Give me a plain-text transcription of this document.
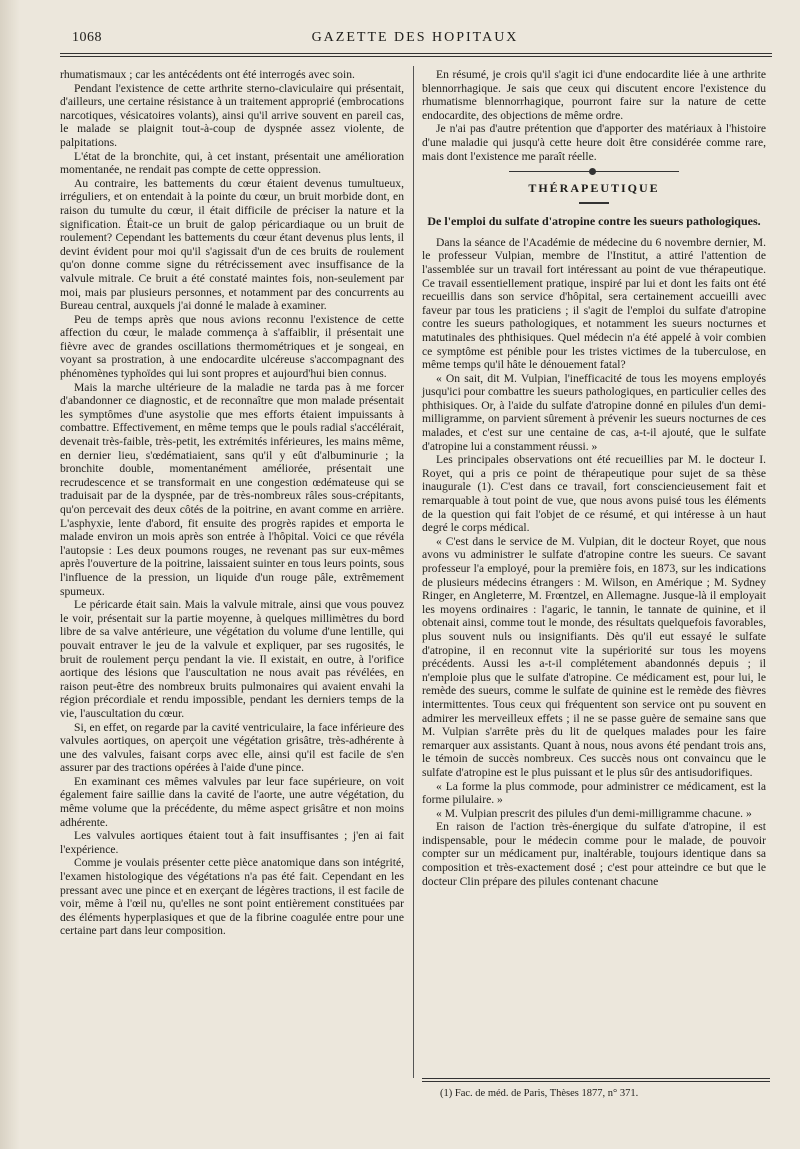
1068	GAZETTE DES HOPITAUX

rhumatismaux ; car les antécédents ont été interrogés avec soin.

Pendant l'existence de cette arthrite sterno-claviculaire qui présentait, d'ailleurs, une certaine résistance à un traitement approprié (embrocations narcotiques, vésicatoires volants), ainsi qu'il arrive souvent en pareil cas, le malade se plaignit tout-à-coup de dyspnée assez violente, de palpitations.

L'état de la bronchite, qui, à cet instant, présentait une amélioration momentanée, ne rendait pas compte de cette oppression.

Au contraire, les battements du cœur étaient devenus tumultueux, irréguliers, et on entendait à la pointe du cœur, un bruit morbide dont, en raison du tumulte du cœur, il était difficile de préciser la nature et la signification. Était-ce un bruit de galop péricardiaque ou un bruit de roulement? Cependant les battements du cœur étant devenus plus lents, il devint évident pour moi qu'il s'agissait d'un de ces bruits de roulement qu'on donne comme signe du rétrécissement avec insuffisance de la valvule mitrale. Ce bruit a été constaté maintes fois, non-seulement par moi, mais par plusieurs personnes, et notamment par des concurrents au Bureau central, auxquels j'ai donné le malade à examiner.

Peu de temps après que nous avions reconnu l'existence de cette affection du cœur, le malade commença à s'affaiblir, il présentait une fièvre avec de grandes oscillations thermométriques et je songeai, en voyant sa prostration, à une endocardite ulcéreuse s'accompagnant des phénomènes typhoïdes qui lui sont propres et aujourd'hui bien connus.

Mais la marche ultérieure de la maladie ne tarda pas à me forcer d'abandonner ce diagnostic, et de reconnaître que mon malade présentait les symptômes d'une asystolie que mes efforts étaient impuissants à combattre. Effectivement, en même temps que le pouls radial s'accélérait, devenait très-faible, très-petit, les extrémités inférieures, les mains même, en dernier lieu, s'œdématiaient, sans qu'il y eût d'albuminurie ; la bronchite double, momentanément améliorée, présentait une recrudescence et se transformait en une congestion œdémateuse qui se traduisait par de la dyspnée, par de très-nombreux râles sous-crépitants, qu'on percevait des deux côtés de la poitrine, en avant comme en arrière. L'asphyxie, lente d'abord, fit ensuite des progrès rapides et emporta le malade environ un mois après son entrée à l'hôpital. Voici ce que révéla l'autopsie : Les deux poumons rouges, ne revenant pas sur eux-mêmes après l'ouverture de la poitrine, laissaient suinter en tous leurs points, sous l'influence de la pression, un liquide d'un rouge pâle, extrêmement spumeux.

Le péricarde était sain. Mais la valvule mitrale, ainsi que vous pouvez le voir, présentait sur la partie moyenne, à quelques millimètres du bord libre de sa valve antérieure, une végétation du volume d'une lentille, qui pouvait entraver le jeu de la valvule et expliquer, par ses rugosités, le bruit de roulement perçu pendant la vie. Il existait, en outre, à l'orifice aortique des lésions que l'auscultation ne nous avait pas révélées, en raison peut-être des nombreux bruits pulmonaires qui avaient envahi la région précordiale et rendu impossible, pendant les derniers temps de la vie, l'auscultation du cœur.

Si, en effet, on regarde par la cavité ventriculaire, la face inférieure des valvules aortiques, on aperçoit une végétation grisâtre, très-adhérente à une des valvules, faisant corps avec elle, ainsi qu'il est facile de s'en assurer par des tractions opérées à l'aide d'une pince.

En examinant ces mêmes valvules par leur face supérieure, on voit également faire saillie dans la cavité de l'aorte, une autre végétation, du même volume que la précédente, du même aspect grisâtre et non moins adhérente.

Les valvules aortiques étaient tout à fait insuffisantes ; j'en ai fait l'expérience.

Comme je voulais présenter cette pièce anatomique dans son intégrité, l'examen histologique des végétations n'a pas été fait. Cependant en les pressant avec une pince et en exerçant de légères tractions, il est facile de voir, même à l'œil nu, qu'elles ne sont point entièrement constituées par des éléments hyperplasiques et que de la fibrine coagulée entre pour une certaine part dans leur composition.

En résumé, je crois qu'il s'agit ici d'une endocardite liée à une arthrite blennorrhagique. Je sais que ceux qui discutent encore l'existence du rhumatisme blennorrhagique, pourront faire sur la nature de cette endocardite, des objections de même ordre.

Je n'ai pas d'autre prétention que d'apporter des matériaux à l'histoire d'une maladie qui jusqu'à cette heure doit être considérée comme rare, mais dont l'existence me paraît réelle.

THÉRAPEUTIQUE
De l'emploi du sulfate d'atropine contre les sueurs pathologiques.

Dans la séance de l'Académie de médecine du 6 novembre dernier, M. le professeur Vulpian, membre de l'Institut, a attiré l'attention de l'assemblée sur un travail fort intéressant au point de vue thérapeutique. Ce travail essentiellement pratique, inspiré par lui et dont les faits ont été recueillis dans son service d'hôpital, sera certainement accueilli avec faveur par tous les praticiens ; il s'agit de l'emploi du sulfate d'atropine contre les sueurs pathologiques, et notamment les sueurs nocturnes et matutinales des phthisiques. Quel médecin n'a été appelé à voir combien ce symptôme est pénible pour les tristes victimes de la tuberculose, en même temps qu'il hâte le dénouement fatal?

« On sait, dit M. Vulpian, l'inefficacité de tous les moyens employés jusqu'ici pour combattre les sueurs pathologiques, en particulier celles des phthisiques. Or, à l'aide du sulfate d'atropine donné en pilules d'un demi-milligramme, on parvient sûrement à prévenir les sueurs nocturnes de ces malades, et c'est sur une centaine de cas, a-t-il ajouté, que le sulfate d'atropine lui a constamment réussi. »

Les principales observations ont été recueillies par M. le docteur I. Royet, qui a pris ce point de thérapeutique pour sujet de sa thèse inaugurale (1). C'est dans ce travail, fort consciencieusement fait et remarquable à tout point de vue, que nous avons puisé tous les éléments de la question qui fait l'objet de ce résumé, et qui intéresse à un haut degré le corps médical.

« C'est dans le service de M. Vulpian, dit le docteur Royet, que nous avons vu administrer le sulfate d'atropine contre les sueurs. Ce savant professeur l'a employé, pour la première fois, en 1873, sur les indications de plusieurs médecins étrangers : M. Wilson, en Amérique ; M. Sydney Ringer, en Angleterre, M. Frœntzel, en Allemagne. Jusque-là il employait les moyens ordinaires : l'agaric, le tannin, le tannate de quinine, et il obtenait ainsi, comme tout le monde, des résultats quelquefois favorables, plus souvent nuls ou insignifiants. Dès qu'il eut essayé le sulfate d'atropine, il en reconnut vite la supériorité sur tous les moyens précédents. Aussi les a-t-il complétement abandonnés depuis ; il n'emploie plus que le sulfate d'atropine. Ce médicament est, pour lui, le remède des sueurs, comme le sulfate de quinine est le remède des fièvres intermittentes. Tous ceux qui fréquentent son service ont pu souvent en admirer les merveilleux effets ; il ne se passe guère de semaine sans que M. Vulpian s'arrête près du lit de quelques malades pour les faire remarquer aux assistants. Quant à nous, nous avons été pendant trois ans, le témoin de succès nombreux. Ces succès nous ont convaincu que le sulfate d'atropine est le plus puissant et le plus sûr des antisudorifiques.

« La forme la plus commode, pour administrer ce médicament, est la forme pilulaire. »

« M. Vulpian prescrit des pilules d'un demi-milligramme chacune. »

En raison de l'action très-énergique du sulfate d'atropine, il est indispensable, pour le médecin comme pour le malade, de pouvoir compter sur un médicament pur, inaltérable, toujours identique dans sa composition et très-exactement dosé ; c'est pour atteindre ce but que le docteur Clin prépare des pilules contenant chacune

(1) Fac. de méd. de Paris, Thèses 1877, n° 371.
